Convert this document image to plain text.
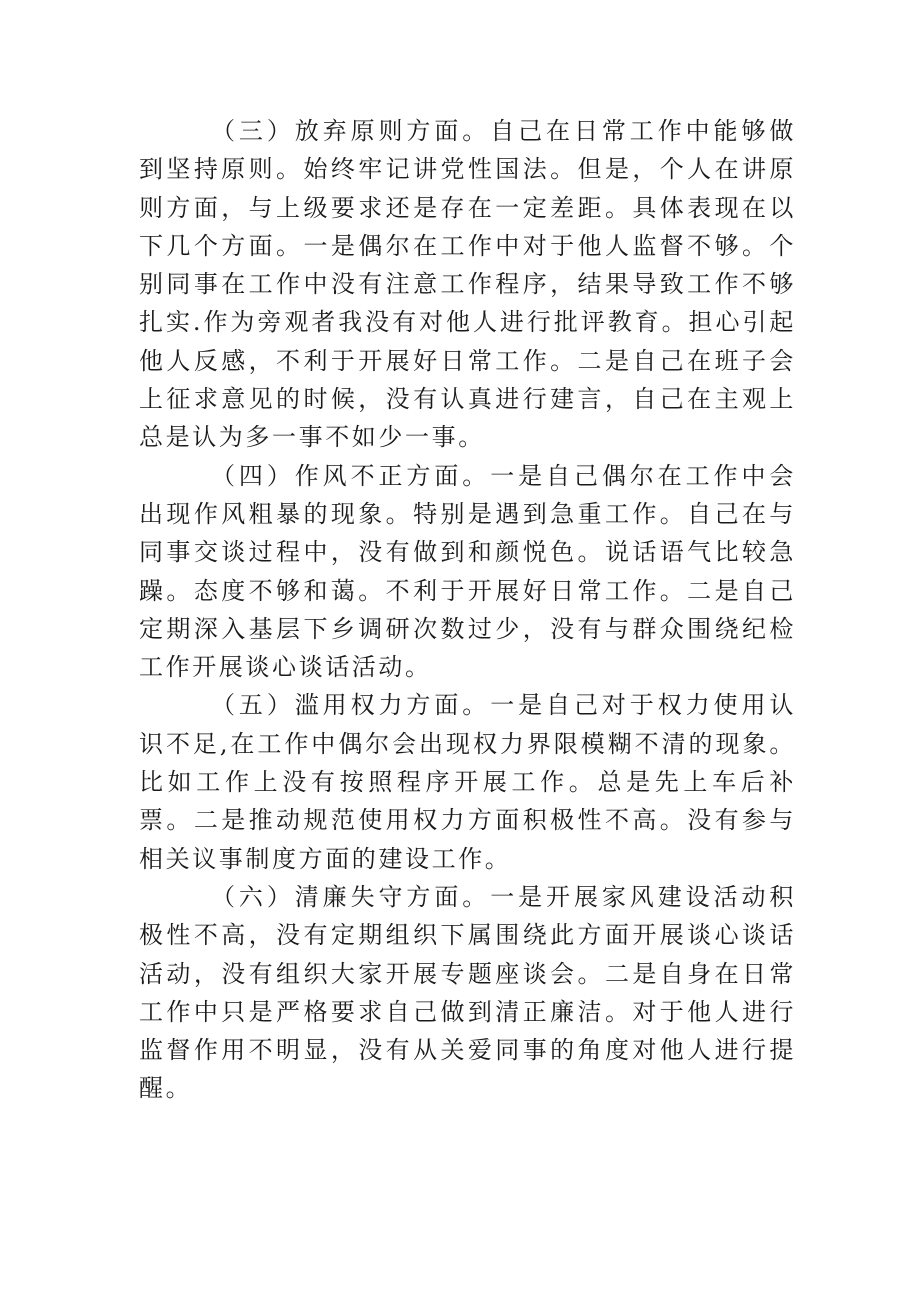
（三）放弃原则方面。自己在日常工作中能够做到坚持原则。始终牢记讲党性国法。但是，个人在讲原则方面，与上级要求还是存在一定差距。具体表现在以下几个方面。一是偶尔在工作中对于他人监督不够。个别同事在工作中没有注意工作程序，结果导致工作不够扎实.作为旁观者我没有对他人进行批评教育。担心引起他人反感，不利于开展好日常工作。二是自己在班子会上征求意见的时候，没有认真进行建言，自己在主观上总是认为多一事不如少一事。

（四）作风不正方面。一是自己偶尔在工作中会出现作风粗暴的现象。特别是遇到急重工作。自己在与同事交谈过程中，没有做到和颜悦色。说话语气比较急躁。态度不够和蔼。不利于开展好日常工作。二是自己定期深入基层下乡调研次数过少，没有与群众围绕纪检工作开展谈心谈话活动。

（五）滥用权力方面。一是自己对于权力使用认识不足,在工作中偶尔会出现权力界限模糊不清的现象。比如工作上没有按照程序开展工作。总是先上车后补票。二是推动规范使用权力方面积极性不高。没有参与相关议事制度方面的建设工作。

（六）清廉失守方面。一是开展家风建设活动积极性不高，没有定期组织下属围绕此方面开展谈心谈话活动，没有组织大家开展专题座谈会。二是自身在日常工作中只是严格要求自己做到清正廉洁。对于他人进行监督作用不明显，没有从关爱同事的角度对他人进行提醒。
